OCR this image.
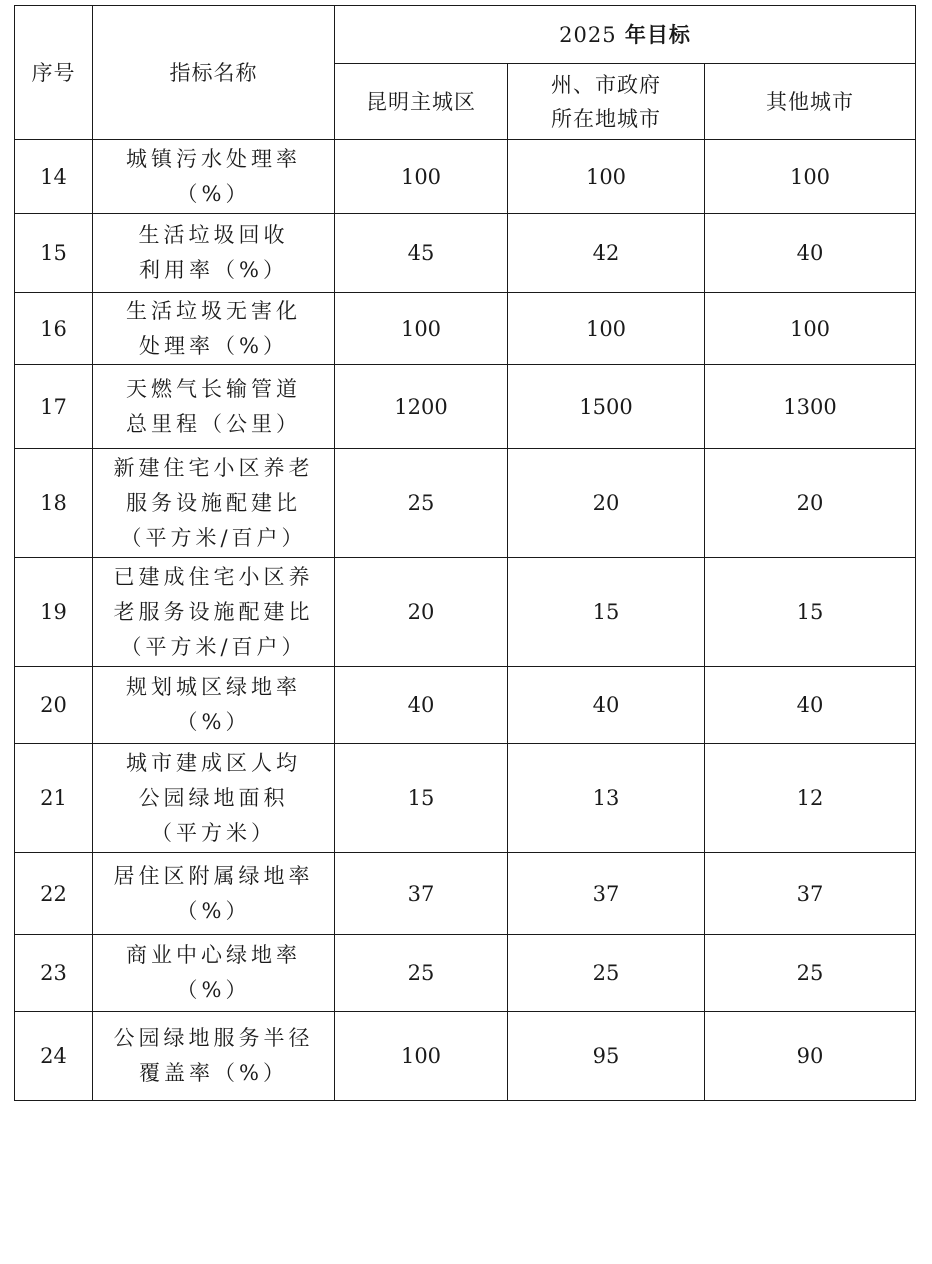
序号	指标名称	2025 年目标		
		昆明主城区	州、市政府
所在地城市	其他城市
14	城镇污水处理率（%）	100	100	100
15	生活垃圾回收
利用率（%）	45	42	40
16	生活垃圾无害化
处理率（%）	100	100	100
17	天燃气长输管道
总里程（公里）	1200	1500	1300
18	新建住宅小区养老
服务设施配建比
（平方米/百户）	25	20	20
19	已建成住宅小区养
老服务设施配建比
（平方米/百户）	20	15	15
20	规划城区绿地率（%）	40	40	40
21	城市建成区人均
公园绿地面积
（平方米）	15	13	12
22	居住区附属绿地率（%）	37	37	37
23	商业中心绿地率（%）	25	25	25
24	公园绿地服务半径
覆盖率（%）	100	95	90
